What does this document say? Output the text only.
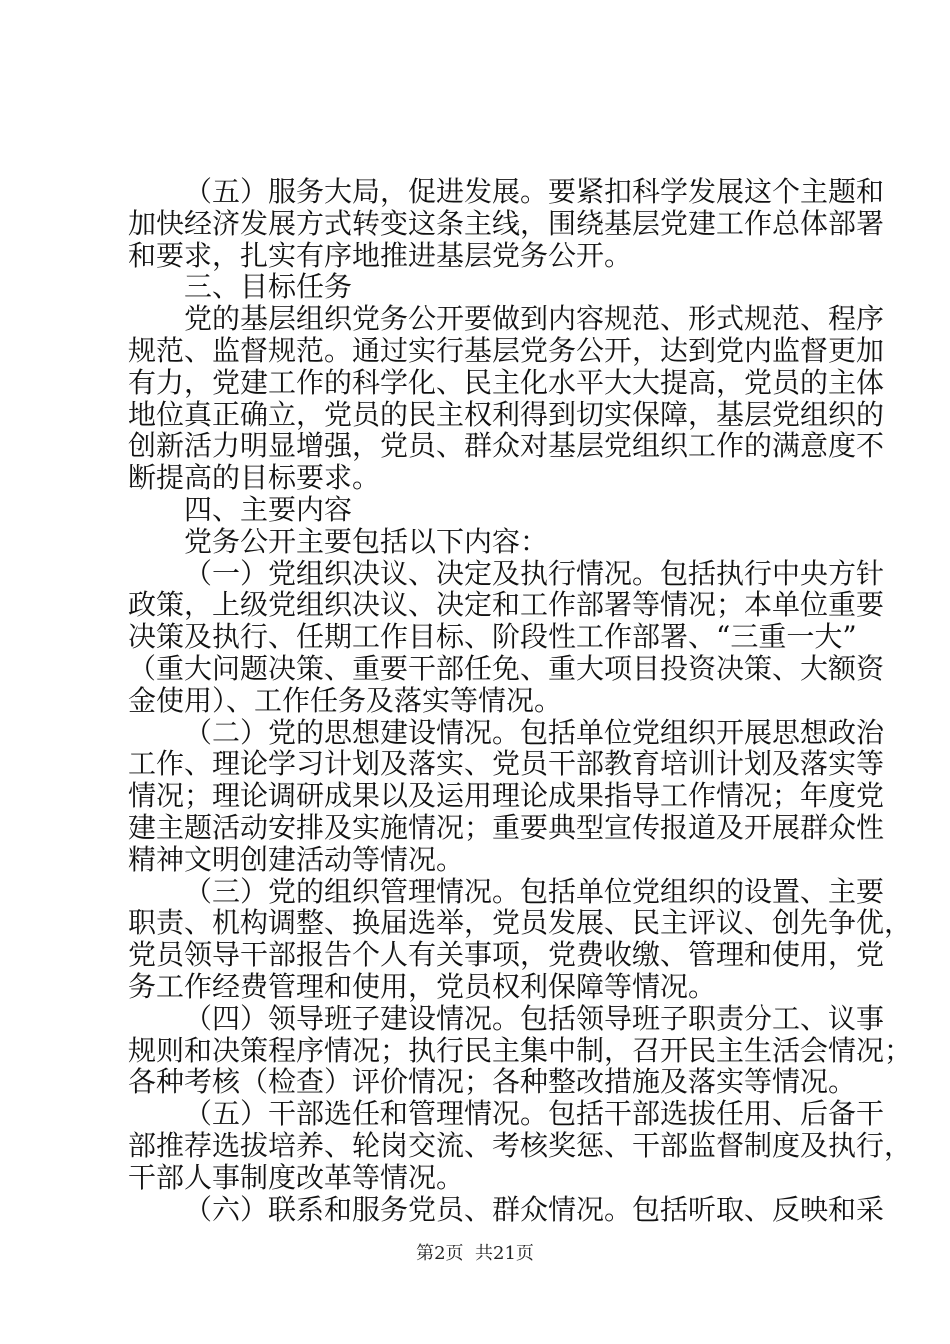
（五）服务大局，促进发展。要紧扣科学发展这个主题和
加快经济发展方式转变这条主线，围绕基层党建工作总体部署
和要求，扎实有序地推进基层党务公开。
三、目标任务
党的基层组织党务公开要做到内容规范、形式规范、程序
规范、监督规范。通过实行基层党务公开，达到党内监督更加
有力，党建工作的科学化、民主化水平大大提高，党员的主体
地位真正确立，党员的民主权利得到切实保障，基层党组织的
创新活力明显增强，党员、群众对基层党组织工作的满意度不
断提高的目标要求。
四、主要内容
党务公开主要包括以下内容：
（一）党组织决议、决定及执行情况。包括执行中央方针
政策，上级党组织决议、决定和工作部署等情况；本单位重要
决策及执行、任期工作目标、阶段性工作部署、“三重一大”
（重大问题决策、重要干部任免、重大项目投资决策、大额资
金使用）、工作任务及落实等情况。
（二）党的思想建设情况。包括单位党组织开展思想政治
工作、理论学习计划及落实、党员干部教育培训计划及落实等
情况；理论调研成果以及运用理论成果指导工作情况；年度党
建主题活动安排及实施情况；重要典型宣传报道及开展群众性
精神文明创建活动等情况。
（三）党的组织管理情况。包括单位党组织的设置、主要
职责、机构调整、换届选举，党员发展、民主评议、创先争优，
党员领导干部报告个人有关事项，党费收缴、管理和使用，党
务工作经费管理和使用，党员权利保障等情况。
（四）领导班子建设情况。包括领导班子职责分工、议事
规则和决策程序情况；执行民主集中制，召开民主生活会情况；
各种考核（检查）评价情况；各种整改措施及落实等情况。
（五）干部选任和管理情况。包括干部选拔任用、后备干
部推荐选拔培养、轮岗交流、考核奖惩、干部监督制度及执行，
干部人事制度改革等情况。
（六）联系和服务党员、群众情况。包括听取、反映和采
第2页  共21页
